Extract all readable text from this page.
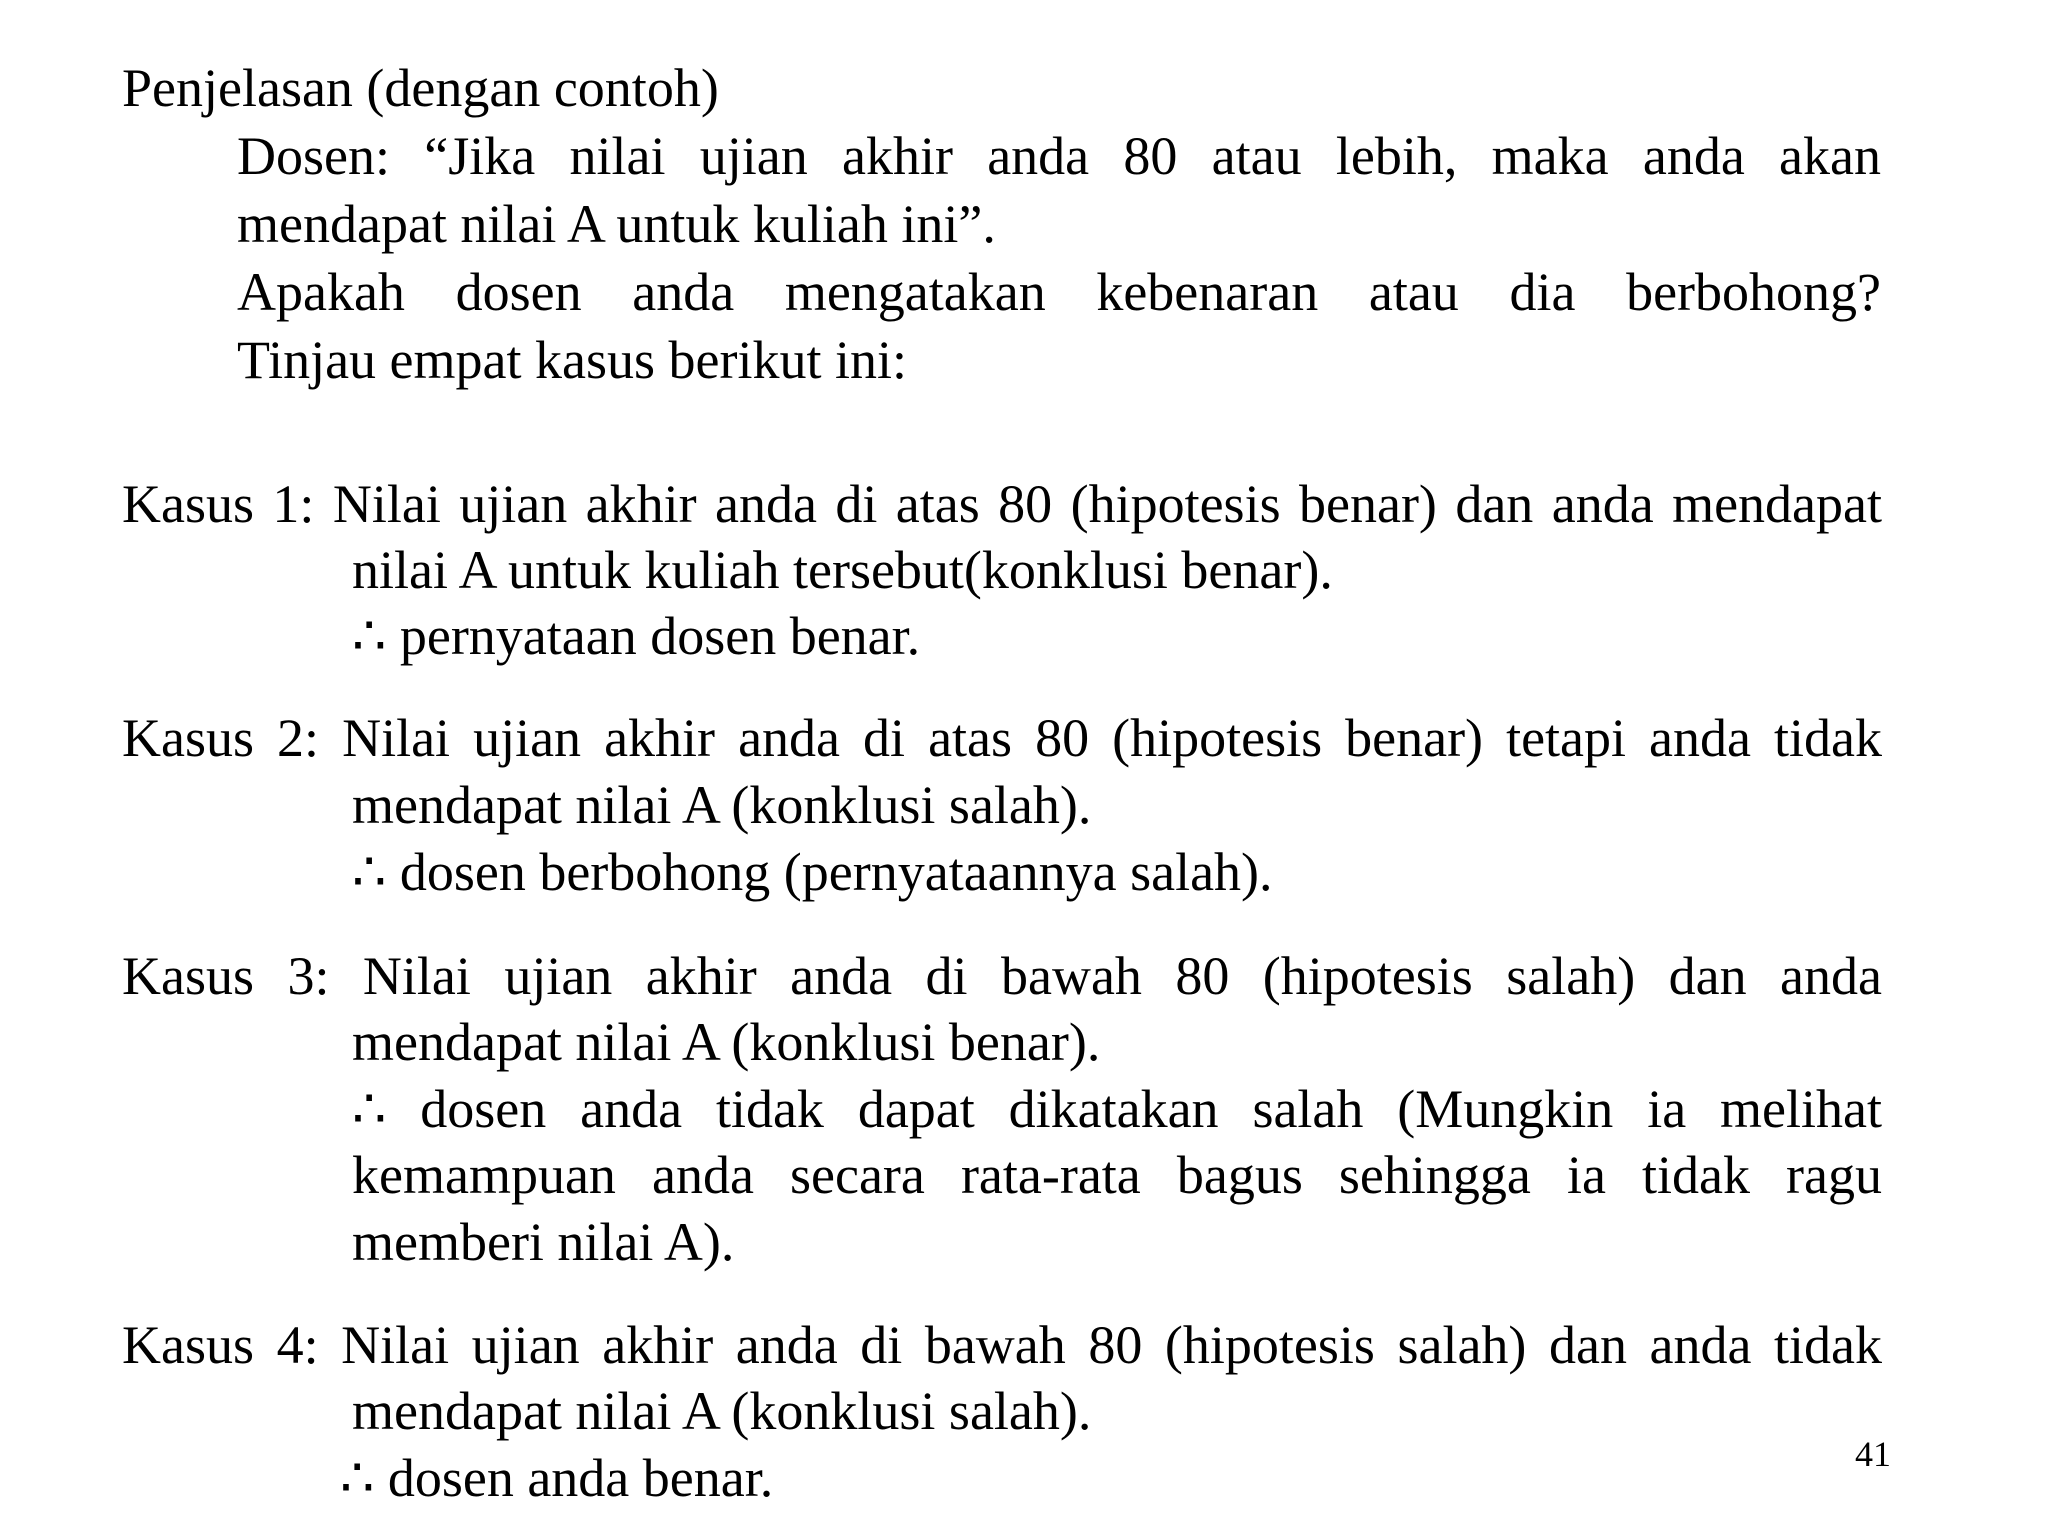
Penjelasan (dengan contoh)
Dosen: “Jika nilai ujian akhir anda 80 atau lebih, maka anda akan
mendapat nilai A untuk kuliah ini”.
Apakah dosen anda mengatakan kebenaran atau dia berbohong?
Tinjau empat kasus berikut ini:
Kasus 1: Nilai ujian akhir anda di atas 80 (hipotesis benar) dan anda mendapat
nilai A untuk kuliah tersebut(konklusi benar).
∴ pernyataan dosen benar.
Kasus 2: Nilai ujian akhir anda di atas 80 (hipotesis benar) tetapi anda tidak
mendapat nilai A (konklusi salah).
∴ dosen berbohong (pernyataannya salah).
Kasus 3: Nilai ujian akhir anda di bawah 80 (hipotesis salah) dan anda
mendapat nilai A (konklusi benar).
∴ dosen anda tidak dapat dikatakan salah (Mungkin ia melihat
kemampuan anda secara rata-rata bagus sehingga ia tidak ragu
memberi nilai A).
Kasus 4: Nilai ujian akhir anda di bawah 80 (hipotesis salah) dan anda tidak
mendapat nilai A (konklusi salah).
∴ dosen anda benar.	41
